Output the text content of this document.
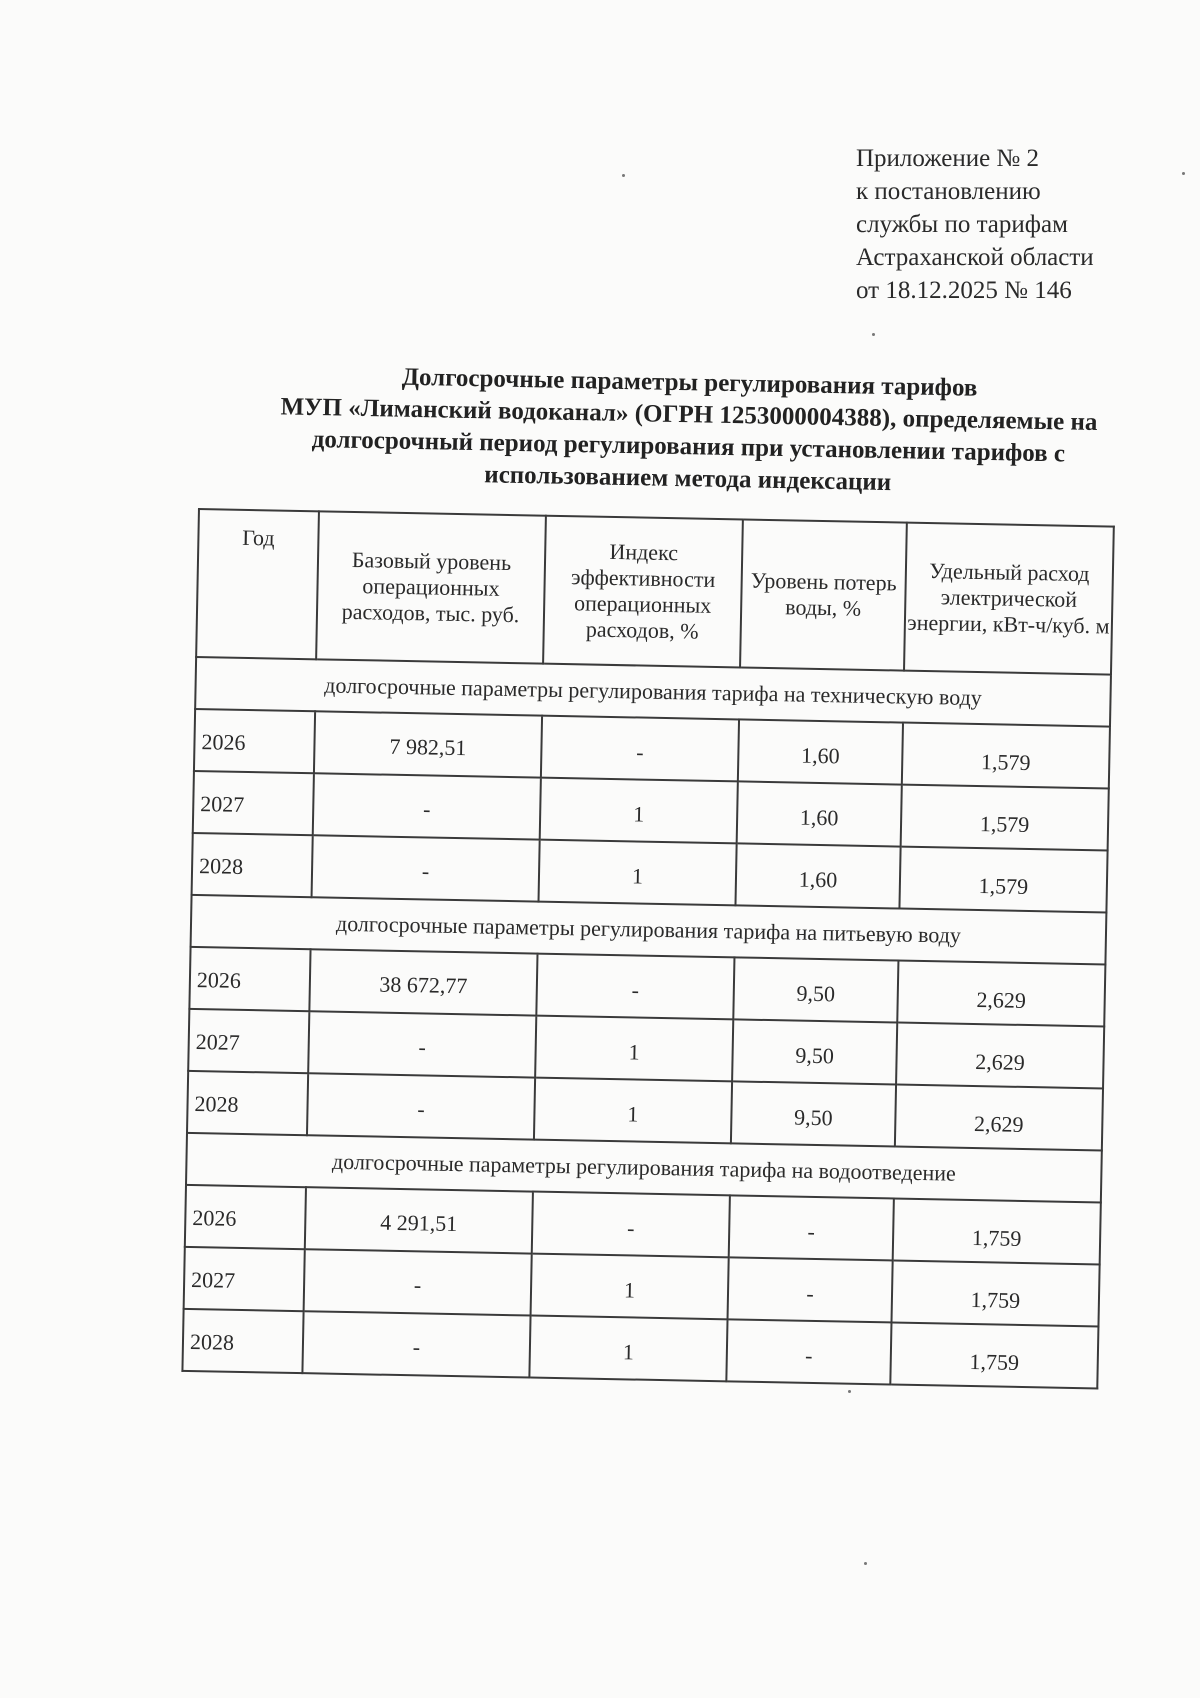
Приложение № 2
к постановлению
службы по тарифам
Астраханской области
от 18.12.2025 № 146
Долгосрочные параметры регулирования тарифов
МУП «Лиманский водоканал» (ОГРН 1253000004388), определяемые на
долгосрочный период регулирования при установлении тарифов с
использованием метода индексации
Год	Базовый уровень операционных расходов, тыс. руб.	Индекс эффективности операционных расходов, %	Уровень потерь воды, %	Удельный расход электрической энергии, кВт-ч/куб. м
долгосрочные параметры регулирования тарифа на техническую воду				
2026	7 982,51	-	1,60	1,579
2027	-	1	1,60	1,579
2028	-	1	1,60	1,579
долгосрочные параметры регулирования тарифа на питьевую воду				
2026	38 672,77	-	9,50	2,629
2027	-	1	9,50	2,629
2028	-	1	9,50	2,629
долгосрочные параметры регулирования тарифа на водоотведение				
2026	4 291,51	-	-	1,759
2027	-	1	-	1,759
2028	-	1	-	1,759
